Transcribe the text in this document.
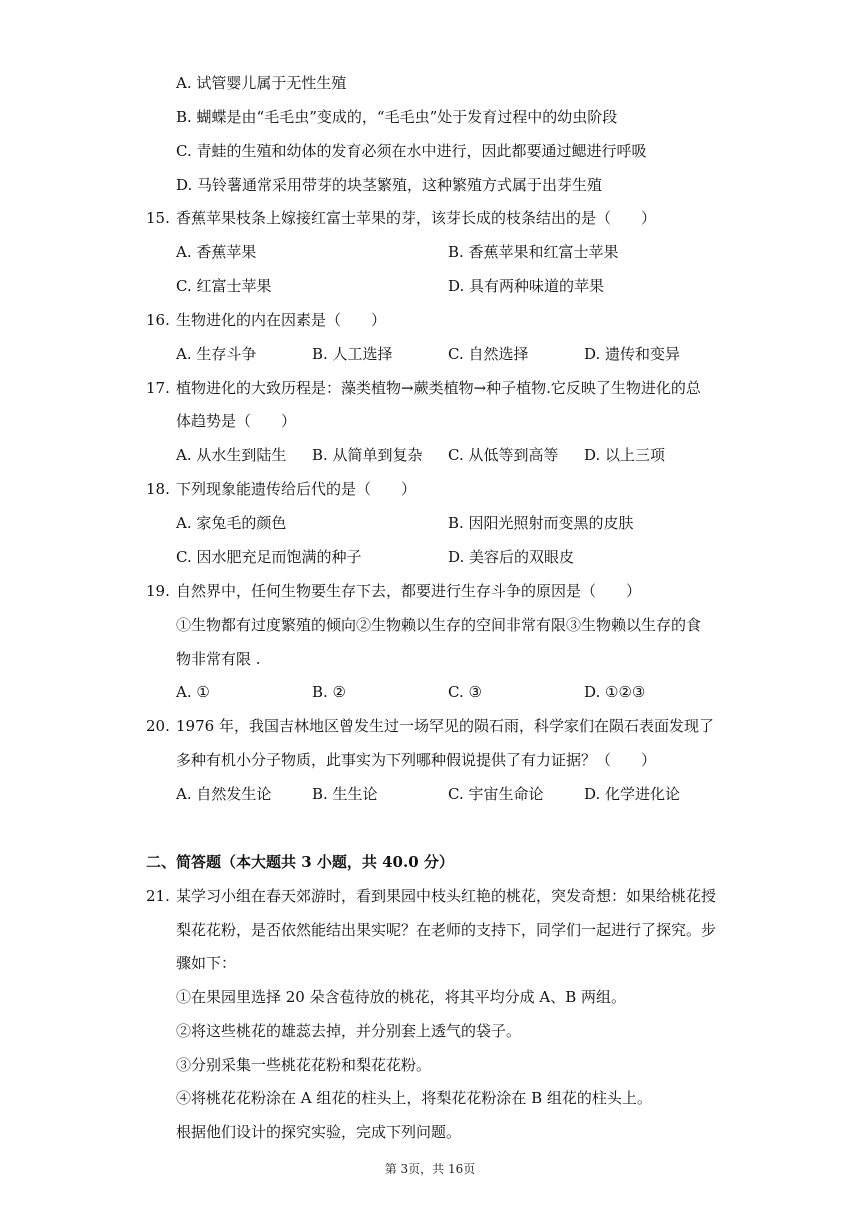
A. 试管婴儿属于无性生殖
B. 蝴蝶是由“毛毛虫”变成的，“毛毛虫”处于发育过程中的幼虫阶段
C. 青蛙的生殖和幼体的发育必须在水中进行，因此都要通过鳃进行呼吸
D. 马铃薯通常采用带芽的块茎繁殖，这种繁殖方式属于出芽生殖
15. 香蕉苹果枝条上嫁接红富士苹果的芽，该芽长成的枝条结出的是（　　）
A. 香蕉苹果	B. 香蕉苹果和红富士苹果
C. 红富士苹果	D. 具有两种味道的苹果
16. 生物进化的内在因素是（　　）
A. 生存斗争	B. 人工选择	C. 自然选择	D. 遗传和变异
17. 植物进化的大致历程是：藻类植物→蕨类植物→种子植物.它反映了生物进化的总
体趋势是（　　）
A. 从水生到陆生 B. 从简单到复杂 C. 从低等到高等 D. 以上三项
18. 下列现象能遗传给后代的是（　　）
A. 家兔毛的颜色	B. 因阳光照射而变黑的皮肤
C. 因水肥充足而饱满的种子	D. 美容后的双眼皮
19. 自然界中，任何生物要生存下去，都要进行生存斗争的原因是（　　）
①生物都有过度繁殖的倾向②生物赖以生存的空间非常有限③生物赖以生存的食
物非常有限 .
A. ①	B. ②	C. ③	D. ①②③
20. 1976 年，我国吉林地区曾发生过一场罕见的陨石雨，科学家们在陨石表面发现了
多种有机小分子物质，此事实为下列哪种假说提供了有力证据？（　　）
A. 自然发生论	B. 生生论	C. 宇宙生命论	D. 化学进化论
二、简答题（本大题共 3 小题，共 40.0 分）
21. 某学习小组在春天郊游时，看到果园中枝头红艳的桃花，突发奇想：如果给桃花授
梨花花粉，是否依然能结出果实呢？在老师的支持下，同学们一起进行了探究。步
骤如下：
①在果园里选择 20 朵含苞待放的桃花，将其平均分成 A、B 两组。
②将这些桃花的雄蕊去掉，并分别套上透气的袋子。
③分别采集一些桃花花粉和梨花花粉。
④将桃花花粉涂在 A 组花的柱头上，将梨花花粉涂在 B 组花的柱头上。
根据他们设计的探究实验，完成下列问题。
第 3页，共 16页
